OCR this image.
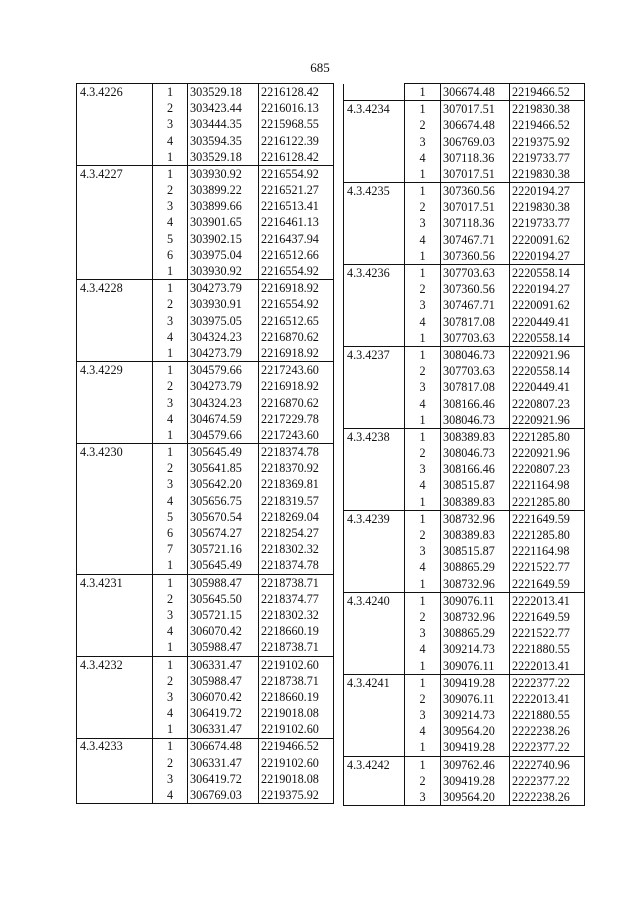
685
4.3.4226	1	303529.18	2216128.42
	2	303423.44	2216016.13
	3	303444.35	2215968.55
	4	303594.35	2216122.39
	1	303529.18	2216128.42
4.3.4227	1	303930.92	2216554.92
	2	303899.22	2216521.27
	3	303899.66	2216513.41
	4	303901.65	2216461.13
	5	303902.15	2216437.94
	6	303975.04	2216512.66
	1	303930.92	2216554.92
4.3.4228	1	304273.79	2216918.92
	2	303930.91	2216554.92
	3	303975.05	2216512.65
	4	304324.23	2216870.62
	1	304273.79	2216918.92
4.3.4229	1	304579.66	2217243.60
	2	304273.79	2216918.92
	3	304324.23	2216870.62
	4	304674.59	2217229.78
	1	304579.66	2217243.60
4.3.4230	1	305645.49	2218374.78
	2	305641.85	2218370.92
	3	305642.20	2218369.81
	4	305656.75	2218319.57
	5	305670.54	2218269.04
	6	305674.27	2218254.27
	7	305721.16	2218302.32
	1	305645.49	2218374.78
4.3.4231	1	305988.47	2218738.71
	2	305645.50	2218374.77
	3	305721.15	2218302.32
	4	306070.42	2218660.19
	1	305988.47	2218738.71
4.3.4232	1	306331.47	2219102.60
	2	305988.47	2218738.71
	3	306070.42	2218660.19
	4	306419.72	2219018.08
	1	306331.47	2219102.60
4.3.4233	1	306674.48	2219466.52
	2	306331.47	2219102.60
	3	306419.72	2219018.08
	4	306769.03	2219375.92
	1	306674.48	2219466.52
4.3.4234	1	307017.51	2219830.38
	2	306674.48	2219466.52
	3	306769.03	2219375.92
	4	307118.36	2219733.77
	1	307017.51	2219830.38
4.3.4235	1	307360.56	2220194.27
	2	307017.51	2219830.38
	3	307118.36	2219733.77
	4	307467.71	2220091.62
	1	307360.56	2220194.27
4.3.4236	1	307703.63	2220558.14
	2	307360.56	2220194.27
	3	307467.71	2220091.62
	4	307817.08	2220449.41
	1	307703.63	2220558.14
4.3.4237	1	308046.73	2220921.96
	2	307703.63	2220558.14
	3	307817.08	2220449.41
	4	308166.46	2220807.23
	1	308046.73	2220921.96
4.3.4238	1	308389.83	2221285.80
	2	308046.73	2220921.96
	3	308166.46	2220807.23
	4	308515.87	2221164.98
	1	308389.83	2221285.80
4.3.4239	1	308732.96	2221649.59
	2	308389.83	2221285.80
	3	308515.87	2221164.98
	4	308865.29	2221522.77
	1	308732.96	2221649.59
4.3.4240	1	309076.11	2222013.41
	2	308732.96	2221649.59
	3	308865.29	2221522.77
	4	309214.73	2221880.55
	1	309076.11	2222013.41
4.3.4241	1	309419.28	2222377.22
	2	309076.11	2222013.41
	3	309214.73	2221880.55
	4	309564.20	2222238.26
	1	309419.28	2222377.22
4.3.4242	1	309762.46	2222740.96
	2	309419.28	2222377.22
	3	309564.20	2222238.26
